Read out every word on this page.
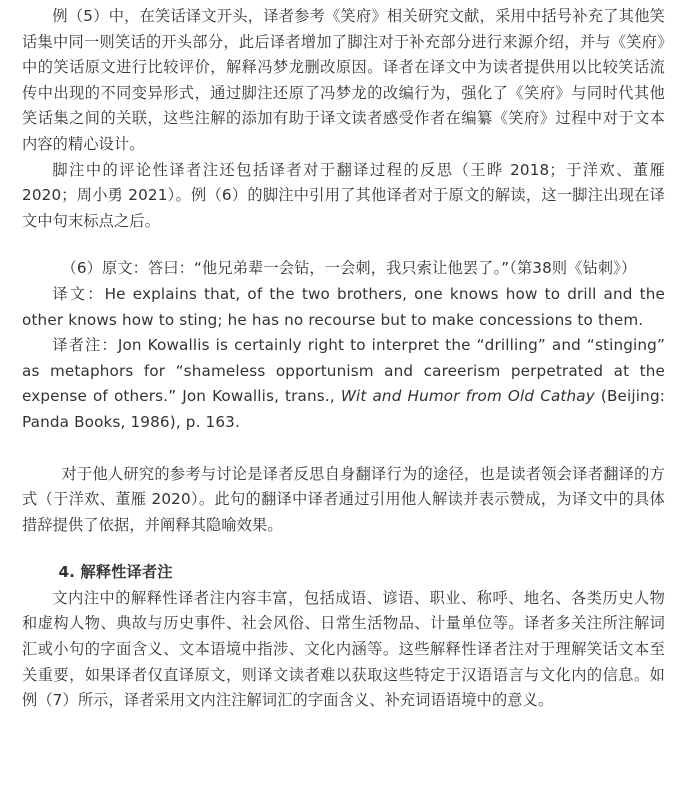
例（5）中，在笑话译文开头，译者参考《笑府》相关研究文献，采用中括号补充了其他笑话集中同一则笑话的开头部分，此后译者增加了脚注对于补充部分进行来源介绍，并与《笑府》中的笑话原文进行比较评价，解释冯梦龙删改原因。译者在译文中为读者提供用以比较笑话流传中出现的不同变异形式，通过脚注还原了冯梦龙的改编行为，强化了《笑府》与同时代其他笑话集之间的关联，这些注解的添加有助于译文读者感受作者在编纂《笑府》过程中对于文本内容的精心设计。

脚注中的评论性译者注还包括译者对于翻译过程的反思（王晔 2018；于洋欢、董雁 2020；周小勇 2021）。例（6）的脚注中引用了其他译者对于原文的解读，这一脚注出现在译文中句末标点之后。

（6）原文：答曰：“他兄弟辈一会钻，一会刺，我只索让他罢了。”（第38则《钻刺》）

译文：He explains that, of the two brothers, one knows how to drill and the other knows how to sting; he has no recourse but to make concessions to them.

译者注：Jon Kowallis is certainly right to interpret the “drilling” and “stinging” as metaphors for “shameless opportunism and careerism perpetrated at the expense of others.” Jon Kowallis, trans., Wit and Humor from Old Cathay (Beijing: Panda Books, 1986), p. 163.

对于他人研究的参考与讨论是译者反思自身翻译行为的途径，也是读者领会译者翻译的方式（于洋欢、董雁 2020）。此句的翻译中译者通过引用他人解读并表示赞成，为译文中的具体措辞提供了依据，并阐释其隐喻效果。

4. 解释性译者注

文内注中的解释性译者注内容丰富，包括成语、谚语、职业、称呼、地名、各类历史人物和虚构人物、典故与历史事件、社会风俗、日常生活物品、计量单位等。译者多关注所注解词汇或小句的字面含义、文本语境中指涉、文化内涵等。这些解释性译者注对于理解笑话文本至关重要，如果译者仅直译原文，则译文读者难以获取这些特定于汉语语言与文化内的信息。如例（7）所示，译者采用文内注注解词汇的字面含义、补充词语语境中的意义。
